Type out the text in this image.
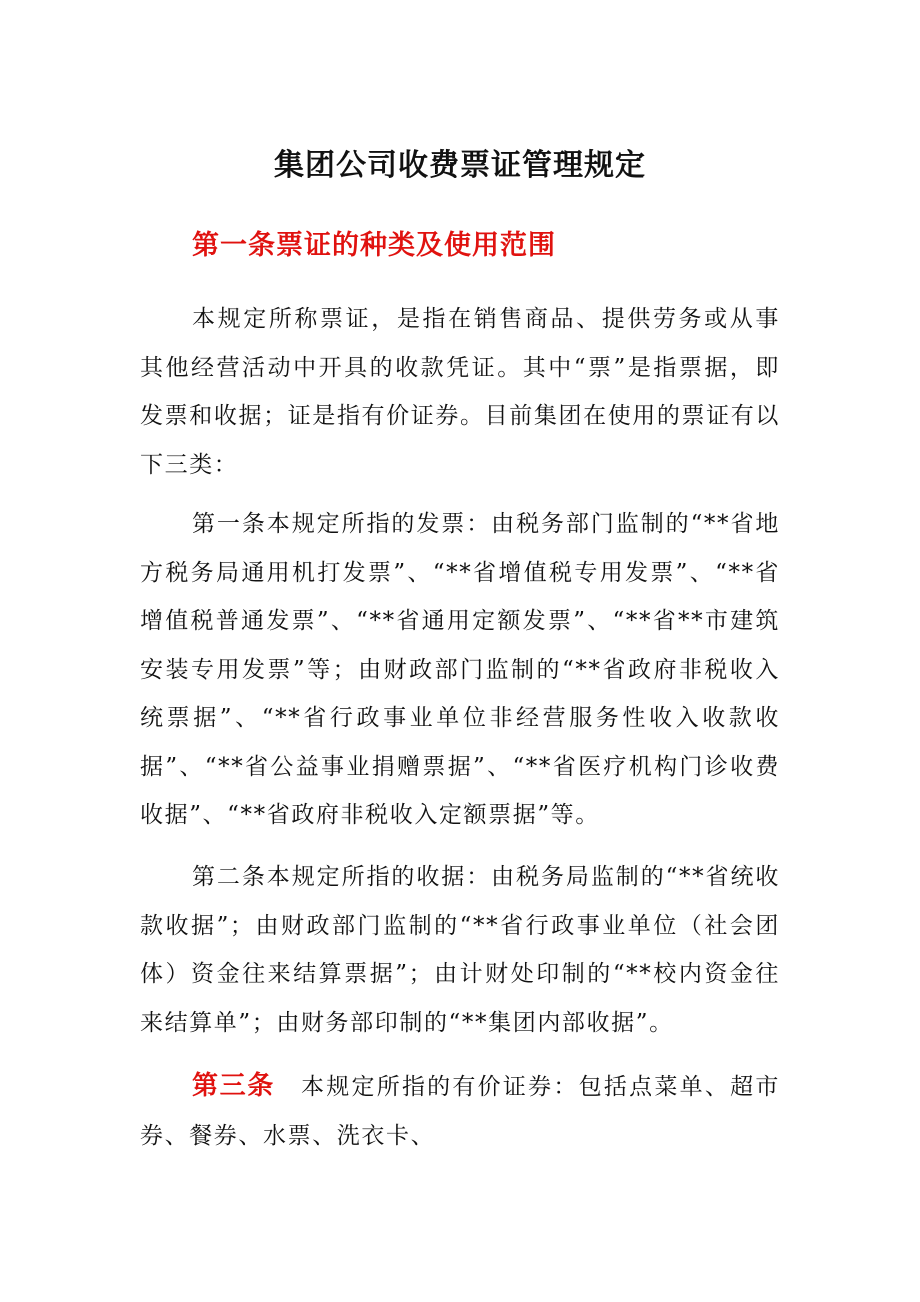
集团公司收费票证管理规定
第一条票证的种类及使用范围

本规定所称票证，是指在销售商品、提供劳务或从事其他经营活动中开具的收款凭证。其中“票”是指票据，即发票和收据；证是指有价证券。目前集团在使用的票证有以下三类：

第一条本规定所指的发票：由税务部门监制的“**省地方税务局通用机打发票”、“**省增值税专用发票”、“**省增值税普通发票”、“**省通用定额发票”、“**省**市建筑安装专用发票”等；由财政部门监制的“**省政府非税收入统票据”、“**省行政事业单位非经营服务性收入收款收据”、“**省公益事业捐赠票据”、“**省医疗机构门诊收费收据”、“**省政府非税收入定额票据”等。

第二条本规定所指的收据：由税务局监制的“**省统收款收据”；由财政部门监制的“**省行政事业单位（社会团体）资金往来结算票据”；由计财处印制的“**校内资金往来结算单”；由财务部印制的“**集团内部收据”。

第三条 本规定所指的有价证券：包括点菜单、超市券、餐券、水票、洗衣卡、
